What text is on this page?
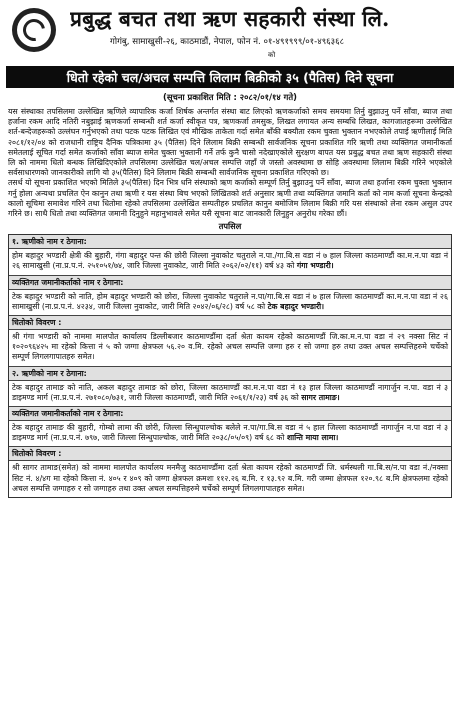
प्रबुद्ध बचत तथा ऋण सहकारी संस्था लि.
गोगंबु, सामाखुसी-२६, काठमाडौं, नेपाल, फोन नं. ०१-४९१९९९/०१-४९६३६८
को
धितो रहेको चल/अचल सम्पत्ति लिलाम बिक्रीको ३५ (पैतिस) दिने सूचना
(सूचना प्रकाशित मिति : २०८२/०१/१४ गते)
यस संस्थाका तपसिलमा उल्लेखित ऋणिले व्यापारिक कर्जा शिर्षक अन्तर्गत संस्था बाट लिएको ऋणकर्जाको समय समयमा तिर्नु बुझाउनु पर्ने साँवा, ब्याज तथा हर्जाना रकम आदि नतिरी नबुझाई ऋणकर्जा सम्बन्धी शर्त कर्जा स्वीकृत पत्र, ऋणकर्जा तमसुक, लिखत लगायत अन्य सम्बधि लिखत, कागजातहरूमा उल्लेखित शर्त-बन्देजहरूको उल्लंघन गर्नुभएको तथा पटक पटक लिखित एवं मौखिक ताकेता गर्दा समेत बाँकी बक्यौता रकम चुक्ता भुक्तान नभएकोले तपाई ऋणीलाई मिति २०८१/१२/०४ को राजधानी राष्ट्रिय दैनिक पत्रिकामा ३५ (पैतिस) दिने लिलाम बिक्री सम्बन्धी सार्वजनिक सूचना प्रकाशित गरि ऋणी तथा व्यक्तिगत जमानीकर्ता समेतलाई सूचित गर्दा समेत कर्जाको साँवा ब्याज समेत चुक्ता भुक्तानी गर्ने तर्फ कुनै चासो नदेखाएकोले सुरक्षण बापत यस प्रबुद्ध बचत तथा ऋण सहकारी संस्था लि को नाममा धितो बन्धक लिखिदिएकोले तपसिलमा उल्लेखित चल/अचल सम्पत्ति जहाँ जे जस्तो अवस्थामा छ सोहि अवस्थामा लिलाम बिक्री गरिने भएकोले सर्वसाधारणको जानकारीको लागि यो ३५(पैतिस) दिने लिलाम बिक्री सम्बन्धी सार्वजनिक सूचना प्रकाशित गरिएको छ।
तसर्थ यो सूचना प्रकाशित भएको मितिले ३५(पैतिस) दिन भित्र धनि संस्थाको ऋण कर्जाको सम्पूर्ण तिर्नु बुझाउनु पर्ने साँवा, ब्याज तथा हर्जाना रकम चुक्ता भुक्तान गर्नु होला अन्यथा प्रचलित ऐन कानुन तथा ऋणी र यस संस्था बिच भएको लिखितको शर्त अनुसार ऋणी तथा व्यक्तिगत जमानि कर्ता को नाम कर्जा सूचना केन्द्रको कालो सूचिमा समावेश गरिने तथा धितोमा रहेको तपसिलमा उल्लेखित सम्पतीहरु प्रचलित कानुन बमोजिम लिलाम बिक्री गरि यस संस्थाको लेना रकम असुल उपर गरिने छ। साथै धितो तथा व्यक्तिगत जमानी दिनुहुने महानुभावले समेत यसै सूचना बाट जानकारी लिनुहुन अनुरोध गरेका छौं।
तपसिल
१. ऋणीको नाम र ठेगाना:
होम बहादुर भण्डारी क्षेत्री की बुहारी, गंगा बहादुर पन्त की छोरी जिल्ला नुवाकोट चतुराले न.पा./गा.बि.स वडा नं ७ हाल जिल्ला काठमाण्डौं का.म.न.पा वडा नं २६ सामाखुसी (ना.प्र.प.नं. २५१०५१/७४, जारि जिल्ला नुवाकोट, जारी मिति २०६२/०२/११) वर्ष ४३ को गंगा भण्डारी।
व्यक्तिगत जमानीकर्ताको नाम र ठेगाना:
टेक बहादुर भण्डारी को नाति, होम बहादुर भण्डारी को छोरा, जिल्ला नुवाकोट चतुराले न.पा/गा.बि.स वडा नं ७ हाल जिल्ला काठमाण्डौं का.म.न.पा वडा नं २६ सामाखुसी (ना.प्र.प.नं. ४२३४, जारी जिल्ला नुवाकोट, जारी मिति २०४२/०६/२८) वर्ष ५८ को टेक बहादुर भण्डारी।
धितोको विवरण :
श्री गंगा भण्डारी को नाममा मालपोत कार्यालय डिल्लीबजार काठमाण्डौंमा दर्ता श्रेता कायम रहेको काठमाण्डौं जि.का.म.न.पा वडा नं २९ नक्सा सिट नं १०२०९६४२५ मा रहेको कित्ता नं ५ को जग्गा क्षेत्रफल ५६.२० व.मि. रहेको अचल सम्पत्ति जग्गा हरु र सो जग्गा हरु तथा उक्त अचल सम्पत्तिहरुमे चर्चेको सम्पूर्ण लिगलगापातहरु समेत।
२. ऋणीको नाम र ठेगाना:
टेक बहादुर तामाङ को नाति, अकल बहादुर तामाङ को छोरा, जिल्ला काठमाण्डौं का.म.न.पा वडा नं १३ हाल जिल्ला काठमाण्डौं नागार्जुन न.पा. वडा नं ३ डाइमण्ड मार्ग (ना.प्र.प.नं. २७१०८०/७३१, जारी जिल्ला काठमाण्डौं, जारी मिति २०६१/१/२३) वर्ष ३६ को सागर तामाङ।
व्यक्तिगत जमानीकर्ताको नाम र ठेगाना:
टेक बहादुर तामाङ की बुहारी, गोम्बो लामा की छोरी, जिल्ला सिन्धुपाल्चोक बलेले न.पा/गा.बि.स वडा नं ५ हाल जिल्ला काठमाण्डौं नागार्जुन न.पा वडा नं ३ डाइमण्ड मार्ग (ना.प्र.प.नं. ७९७, जारी जिल्ला सिन्धुपाल्चोक, जारी मिति २०३८/०५/०९) वर्ष ६८ को शान्ति माया लामा।
धितोको विवरण :
श्री सागर तामाङ(समेत) को नाममा मालपोत कार्यालय मनमैजु काठमाण्डौंमा दर्ता श्रेता कायम रहेको काठमाण्डौं जि. धर्मस्थली गा.बि.स/न.पा वडा नं./नक्सा सिट नं. ४/४ग मा रहेको कित्ता नं. ४०५ र ४०९ को जग्गा क्षेत्रफल क्रमशः ११२.२६ ब.मि. र १३.९२ ब.मि. गरी जम्मा क्षेत्रफल १२०.९८ ब.मि क्षेत्रफलमा रहेको अचल सम्पत्ति जग्गाहरु र सो जग्गाहरु तथा उक्त अचल सम्पत्तिहरुमे चर्चेको सम्पूर्ण लिगलगापातहरु समेत।
